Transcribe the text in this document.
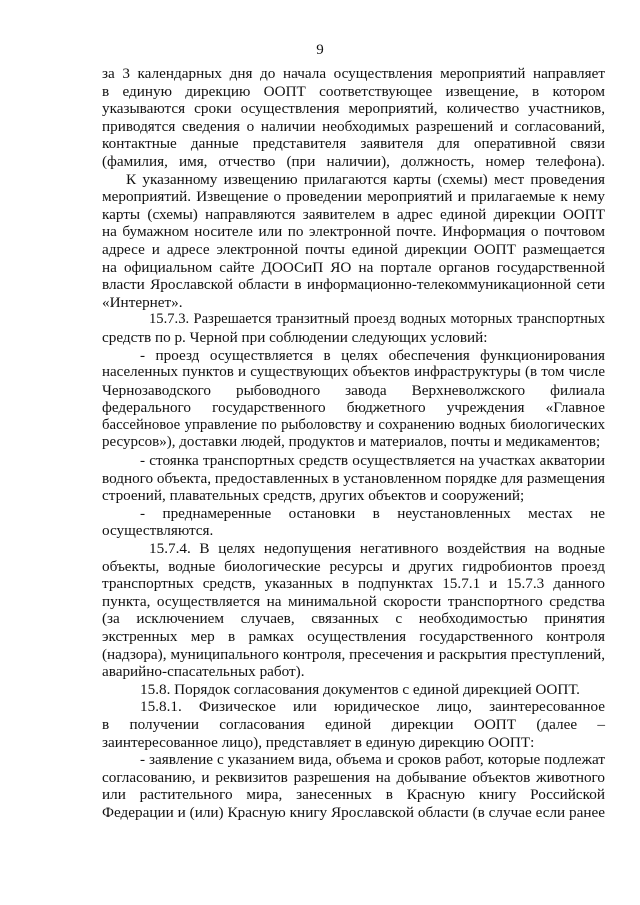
9
за 3 календарных дня до начала осуществления мероприятий направляет
в единую дирекцию ООПТ соответствующее извещение, в котором
указываются сроки осуществления мероприятий, количество участников,
приводятся сведения о наличии необходимых разрешений и согласований,
контактные данные представителя заявителя для оперативной связи
(фамилия, имя, отчество (при наличии), должность, номер телефона).
К указанному извещению прилагаются карты (схемы) мест проведения
мероприятий. Извещение о проведении мероприятий и прилагаемые к нему
карты (схемы) направляются заявителем в адрес единой дирекции ООПТ
на бумажном носителе или по электронной почте. Информация о почтовом
адресе и адресе электронной почты единой дирекции ООПТ размещается
на официальном сайте ДООСиП ЯО на портале органов государственной
власти Ярославской области в информационно-телекоммуникационной сети
«Интернет».
15.7.3. Разрешается транзитный проезд водных моторных транспортных
средств по р. Черной при соблюдении следующих условий:
- проезд осуществляется в целях обеспечения функционирования
населенных пунктов и существующих объектов инфраструктуры (в том числе
Чернозаводского рыбоводного завода Верхневолжского филиала
федерального государственного бюджетного учреждения «Главное
бассейновое управление по рыболовству и сохранению водных биологических
ресурсов»), доставки людей, продуктов и материалов, почты и медикаментов;
- стоянка транспортных средств осуществляется на участках акватории
водного объекта, предоставленных в установленном порядке для размещения
строений, плавательных средств, других объектов и сооружений;
- преднамеренные остановки в неустановленных местах не
осуществляются.
15.7.4. В целях недопущения негативного воздействия на водные
объекты, водные биологические ресурсы и других гидробионтов проезд
транспортных средств, указанных в подпунктах 15.7.1 и 15.7.3 данного
пункта, осуществляется на минимальной скорости транспортного средства
(за исключением случаев, связанных с необходимостью принятия
экстренных мер в рамках осуществления государственного контроля
(надзора), муниципального контроля, пресечения и раскрытия преступлений,
аварийно-спасательных работ).
15.8. Порядок согласования документов с единой дирекцией ООПТ.
15.8.1. Физическое или юридическое лицо, заинтересованное
в получении согласования единой дирекции ООПТ (далее –
заинтересованное лицо), представляет в единую дирекцию ООПТ:
- заявление с указанием вида, объема и сроков работ, которые подлежат
согласованию, и реквизитов разрешения на добывание объектов животного
или растительного мира, занесенных в Красную книгу Российской
Федерации и (или) Красную книгу Ярославской области (в случае если ранее
